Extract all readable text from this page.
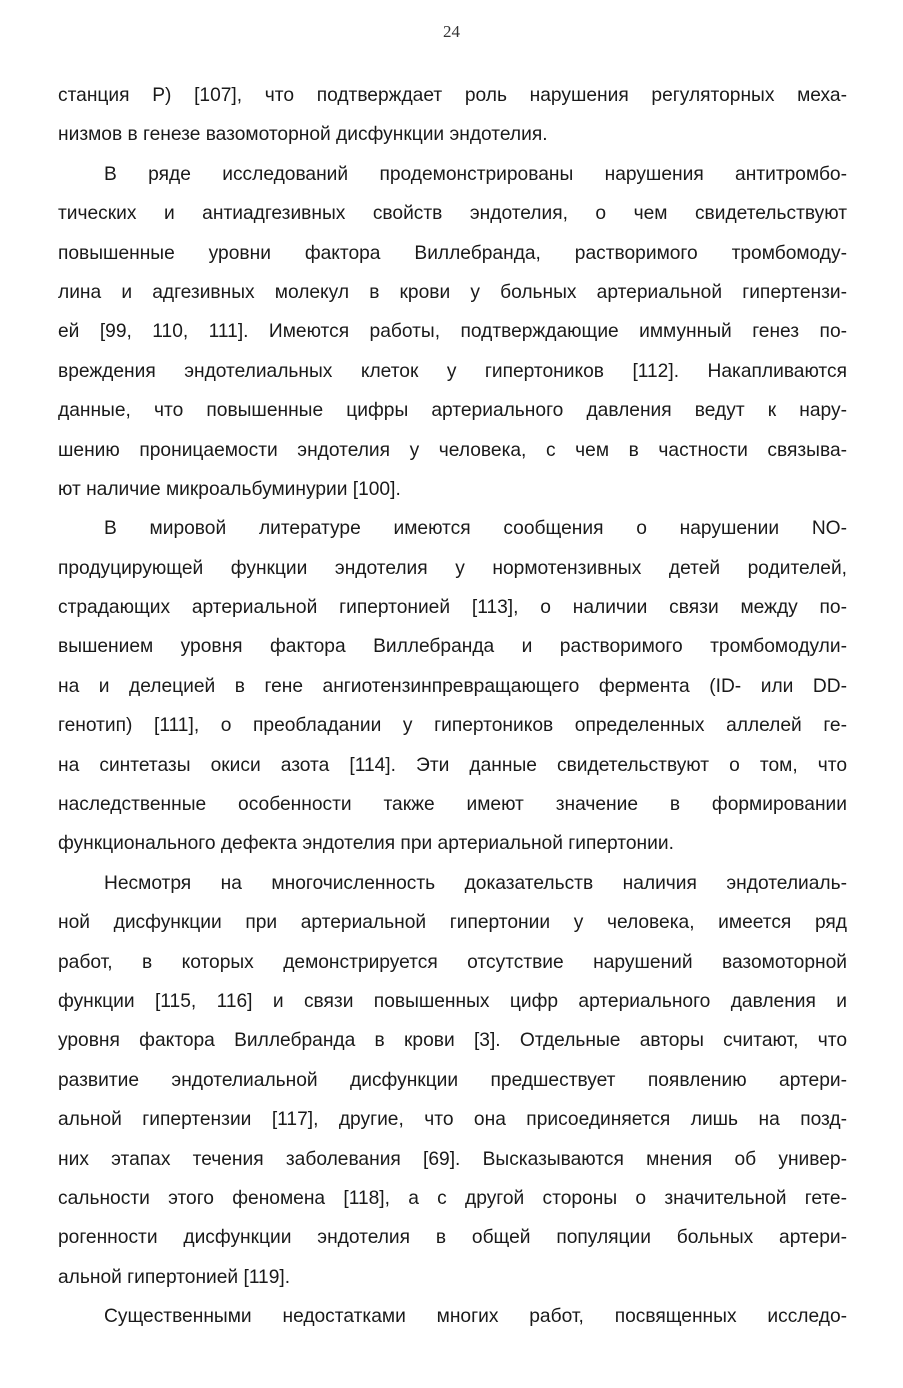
24
станция Р) [107], что подтверждает роль нарушения регуляторных меха-
низмов в генезе вазомоторной дисфункции эндотелия.
В ряде исследований продемонстрированы нарушения антитромбо-
тических и антиадгезивных свойств эндотелия, о чем свидетельствуют
повышенные уровни фактора Виллебранда, растворимого тромбомоду-
лина и адгезивных молекул в крови у больных артериальной гипертензи-
ей [99, 110, 111]. Имеются работы, подтверждающие иммунный генез по-
вреждения эндотелиальных клеток у гипертоников [112]. Накапливаются
данные, что повышенные цифры артериального давления ведут к нару-
шению проницаемости эндотелия у человека, с чем в частности связыва-
ют наличие микроальбуминурии [100].
В мировой литературе имеются сообщения о нарушении NO-
продуцирующей функции эндотелия у нормотензивных детей родителей,
страдающих артериальной гипертонией [113], о наличии связи между по-
вышением уровня фактора Виллебранда и растворимого тромбомодули-
на и делецией в гене ангиотензинпревращающего фермента (ID- или DD-
генотип) [111], о преобладании у гипертоников определенных аллелей ге-
на синтетазы окиси азота [114]. Эти данные свидетельствуют о том, что
наследственные особенности также имеют значение в формировании
функционального дефекта эндотелия при артериальной гипертонии.
Несмотря на многочисленность доказательств наличия эндотелиаль-
ной дисфункции при артериальной гипертонии у человека, имеется ряд
работ, в которых демонстрируется отсутствие нарушений вазомоторной
функции [115, 116] и связи повышенных цифр артериального давления и
уровня фактора Виллебранда в крови [3]. Отдельные авторы считают, что
развитие эндотелиальной дисфункции предшествует появлению артери-
альной гипертензии [117], другие, что она присоединяется лишь на позд-
них этапах течения заболевания [69]. Высказываются мнения об универ-
сальности этого феномена [118], а с другой стороны о значительной гете-
рогенности дисфункции эндотелия в общей популяции больных артери-
альной гипертонией [119].
Существенными недостатками многих работ, посвященных исследо-
